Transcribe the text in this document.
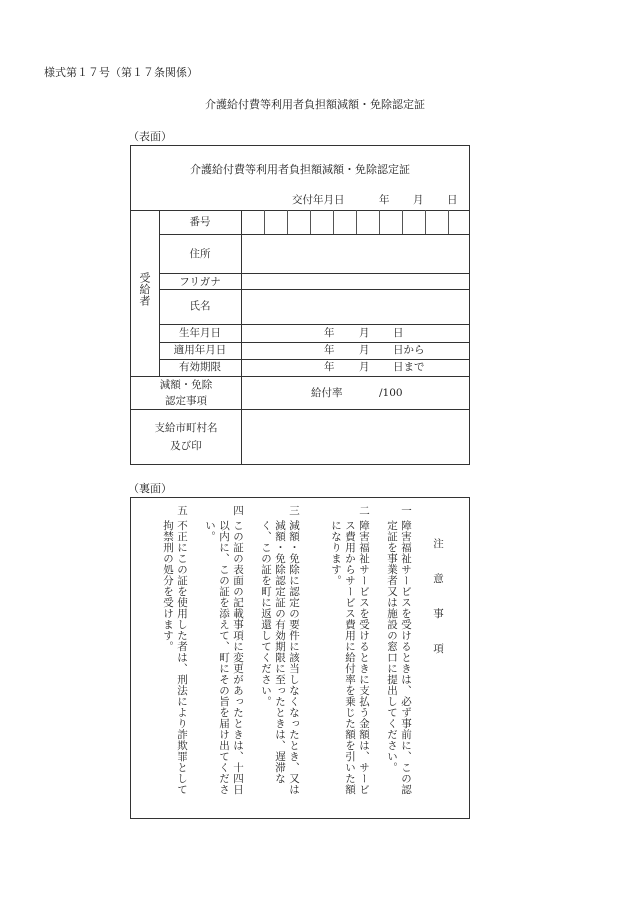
様式第１７号（第１７条関係）
介護給付費等利用者負担額減額・免除認定証
（表面）
介護給付費等利用者負担額減額・免除認定証
交付年月日	年 月 日
受給者
番号
住所
フリガナ
氏名
生年月日
適用年月日
有効期限
年 月 日
年 月 日から
年 月 日まで
減額・免除
認定事項
給付率	/100
支給市町村名
及び印
（裏面）
注　意　事　項
一
障害福祉サービスを受けるときは、必ず事前に、この認定証を事業者又は施設の窓口に提出してください。
二
障害福祉サービスを受けるときに支払う金額は、サービス費用からサービス費用に給付率を乗じた額を引いた額になります。
三
減額・免除に認定の要件に該当しなくなったとき、又は減額・免除認定証の有効期限に至ったときは、遅滞なく、この証を町に返還してください。
四
この証の表面の記載事項に変更があったときは、十四日以内に、この証を添えて、町にその旨を届け出てください。
五
不正にこの証を使用した者は、刑法により詐欺罪として拘禁刑の処分を受けます。
